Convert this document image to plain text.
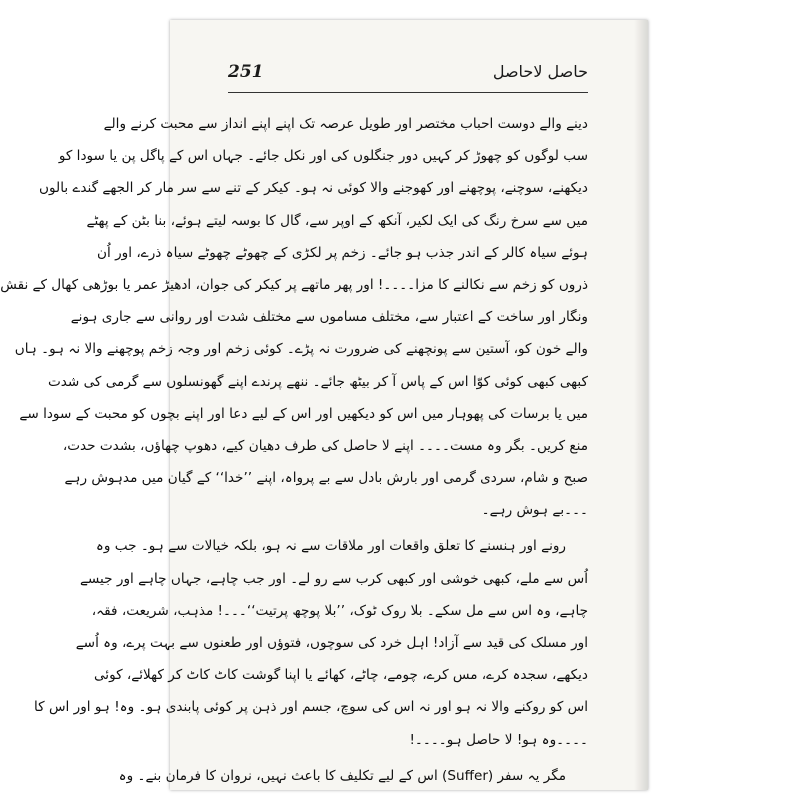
251	حاصل لاحاصل
دینے والے دوست احباب مختصر اور طویل عرصہ تک اپنے اپنے انداز سے محبت کرنے والے
سب لوگوں کو چھوڑ کر کہیں دور جنگلوں کی اور نکل جائے۔ جہاں اس کے پاگل پن یا سودا کو
دیکھنے، سوچنے، پوچھنے اور کھوجنے والا کوئی نہ ہو۔ کیکر کے تنے سے سر مار کر الجھے گندے بالوں
میں سے سرخ رنگ کی ایک لکیر، آنکھ کے اوپر سے، گال کا بوسہ لیتے ہوئے، بنا بٹن کے پھٹے
ہوئے سیاہ کالر کے اندر جذب ہو جائے۔ زخم پر لکڑی کے چھوٹے چھوٹے سیاہ ذرے، اور اُن
ذروں کو زخم سے نکالنے کا مزا۔۔۔۔! اور پھر ماتھے پر کیکر کی جوان، ادھیڑ عمر یا بوڑھی کھال کے نقش
ونگار اور ساخت کے اعتبار سے، مختلف مساموں سے مختلف شدت اور روانی سے جاری ہونے
والے خون کو، آستین سے پونچھنے کی ضرورت نہ پڑے۔ کوئی زخم اور وجہ زخم پوچھنے والا نہ ہو۔ ہاں
کبھی کبھی کوئی کوّا اس کے پاس آ کر بیٹھ جائے۔ ننھے پرندے اپنے گھونسلوں سے گرمی کی شدت
میں یا برسات کی پھوہار میں اس کو دیکھیں اور اس کے لیے دعا اور اپنے بچوں کو محبت کے سودا سے
منع کریں۔ بگر وہ مست۔۔۔۔ اپنے لا حاصل کی طرف دھیان کیے، دھوپ چھاؤں، بشدت حدت،
صبح و شام، سردی گرمی اور بارش بادل سے بے پرواہ، اپنے ’’خدا‘‘ کے گیان میں مدہوش رہے
۔۔۔بے ہوش رہے۔
رونے اور ہنسنے کا تعلق واقعات اور ملاقات سے نہ ہو، بلکہ خیالات سے ہو۔ جب وہ
اُس سے ملے، کبھی خوشی اور کبھی کرب سے رو لے۔ اور جب چاہے، جہاں چاہے اور جیسے
چاہے، وہ اس سے مل سکے۔ بلا روک ٹوک، ’’بلا پوچھ پرتیت‘‘۔۔۔! مذہب، شریعت، فقہ،
اور مسلک کی قید سے آزاد! اہل خرد کی سوچوں، فتوؤں اور طعنوں سے بہت پرے، وہ اُسے
دیکھے، سجدہ کرے، مس کرے، چومے، چاٹے، کھائے یا اپنا گوشت کاٹ کاٹ کر کھلائے، کوئی
اس کو روکنے والا نہ ہو اور نہ اس کی سوچ، جسم اور ذہن پر کوئی پابندی ہو۔ وہ! ہو اور اس کا
۔۔۔۔وہ ہو! لا حاصل ہو۔۔۔۔!
مگر یہ سفر (Suffer) اس کے لیے تکلیف کا باعث نہیں، نروان کا فرمان بنے۔ وہ
